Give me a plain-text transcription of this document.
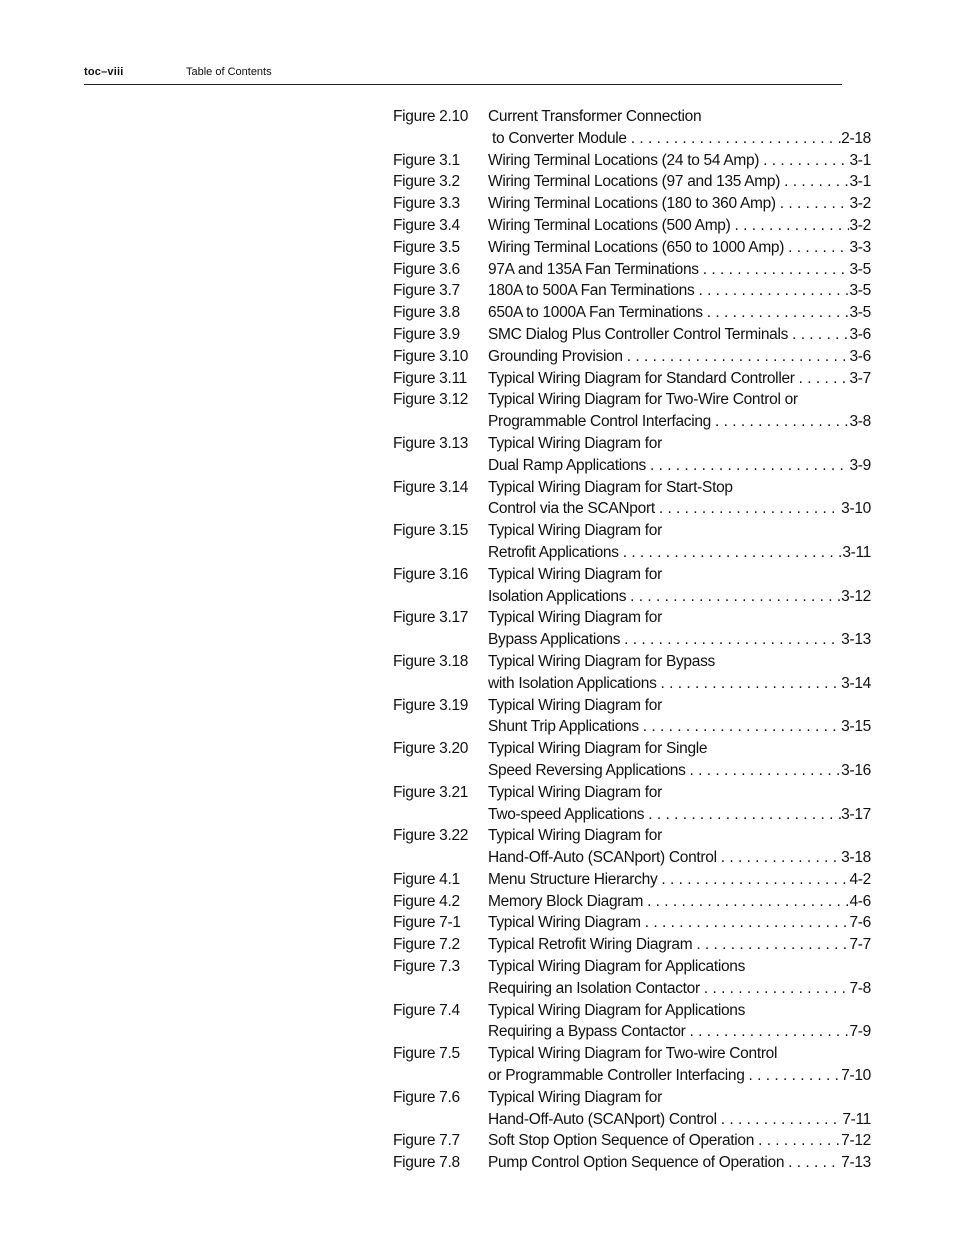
toc–viii	Table of Contents
Figure 2.10	Current Transformer Connection
to Converter Module . . .	2-18
Figure 3.1	Wiring Terminal Locations (24 to 54 Amp) . . .	3-1
Figure 3.2	Wiring Terminal Locations (97 and 135 Amp) . . .	3-1
Figure 3.3	Wiring Terminal Locations (180 to 360 Amp) . . .	3-2
Figure 3.4	Wiring Terminal Locations (500 Amp) . . .	3-2
Figure 3.5	Wiring Terminal Locations (650 to 1000 Amp) . . .	3-3
Figure 3.6	97A and 135A Fan Terminations . . .	3-5
Figure 3.7	180A to 500A Fan Terminations . . .	3-5
Figure 3.8	650A to 1000A Fan Terminations . . .	3-5
Figure 3.9	SMC Dialog Plus Controller Control Terminals . . .	3-6
Figure 3.10	Grounding Provision . . .	3-6
Figure 3.11	Typical Wiring Diagram for Standard Controller . . .	3-7
Figure 3.12	Typical Wiring Diagram for Two-Wire Control or
Programmable Control Interfacing . . .	3-8
Figure 3.13	Typical Wiring Diagram for
Dual Ramp Applications . . .	3-9
Figure 3.14	Typical Wiring Diagram for Start-Stop
Control via the SCANport . . .	3-10
Figure 3.15	Typical Wiring Diagram for
Retrofit Applications . . .	3-11
Figure 3.16	Typical Wiring Diagram for
Isolation Applications . . .	3-12
Figure 3.17	Typical Wiring Diagram for
Bypass Applications . . .	3-13
Figure 3.18	Typical Wiring Diagram for Bypass
with Isolation Applications . . .	3-14
Figure 3.19	Typical Wiring Diagram for
Shunt Trip Applications . . .	3-15
Figure 3.20	Typical Wiring Diagram for Single
Speed Reversing Applications . . .	3-16
Figure 3.21	Typical Wiring Diagram for
Two-speed Applications . . .	3-17
Figure 3.22	Typical Wiring Diagram for
Hand-Off-Auto (SCANport) Control . . .	3-18
Figure 4.1	Menu Structure Hierarchy . . .	4-2
Figure 4.2	Memory Block Diagram . . .	4-6
Figure 7-1	Typical Wiring Diagram . . .	7-6
Figure 7.2	Typical Retrofit Wiring Diagram . . .	7-7
Figure 7.3	Typical Wiring Diagram for Applications
Requiring an Isolation Contactor . . .	7-8
Figure 7.4	Typical Wiring Diagram for Applications
Requiring a Bypass Contactor . . .	7-9
Figure 7.5	Typical Wiring Diagram for Two-wire Control
or Programmable Controller Interfacing . . .	7-10
Figure 7.6	Typical Wiring Diagram for
Hand-Off-Auto (SCANport) Control . . .	7-11
Figure 7.7	Soft Stop Option Sequence of Operation . . .	7-12
Figure 7.8	Pump Control Option Sequence of Operation . . .	7-13
